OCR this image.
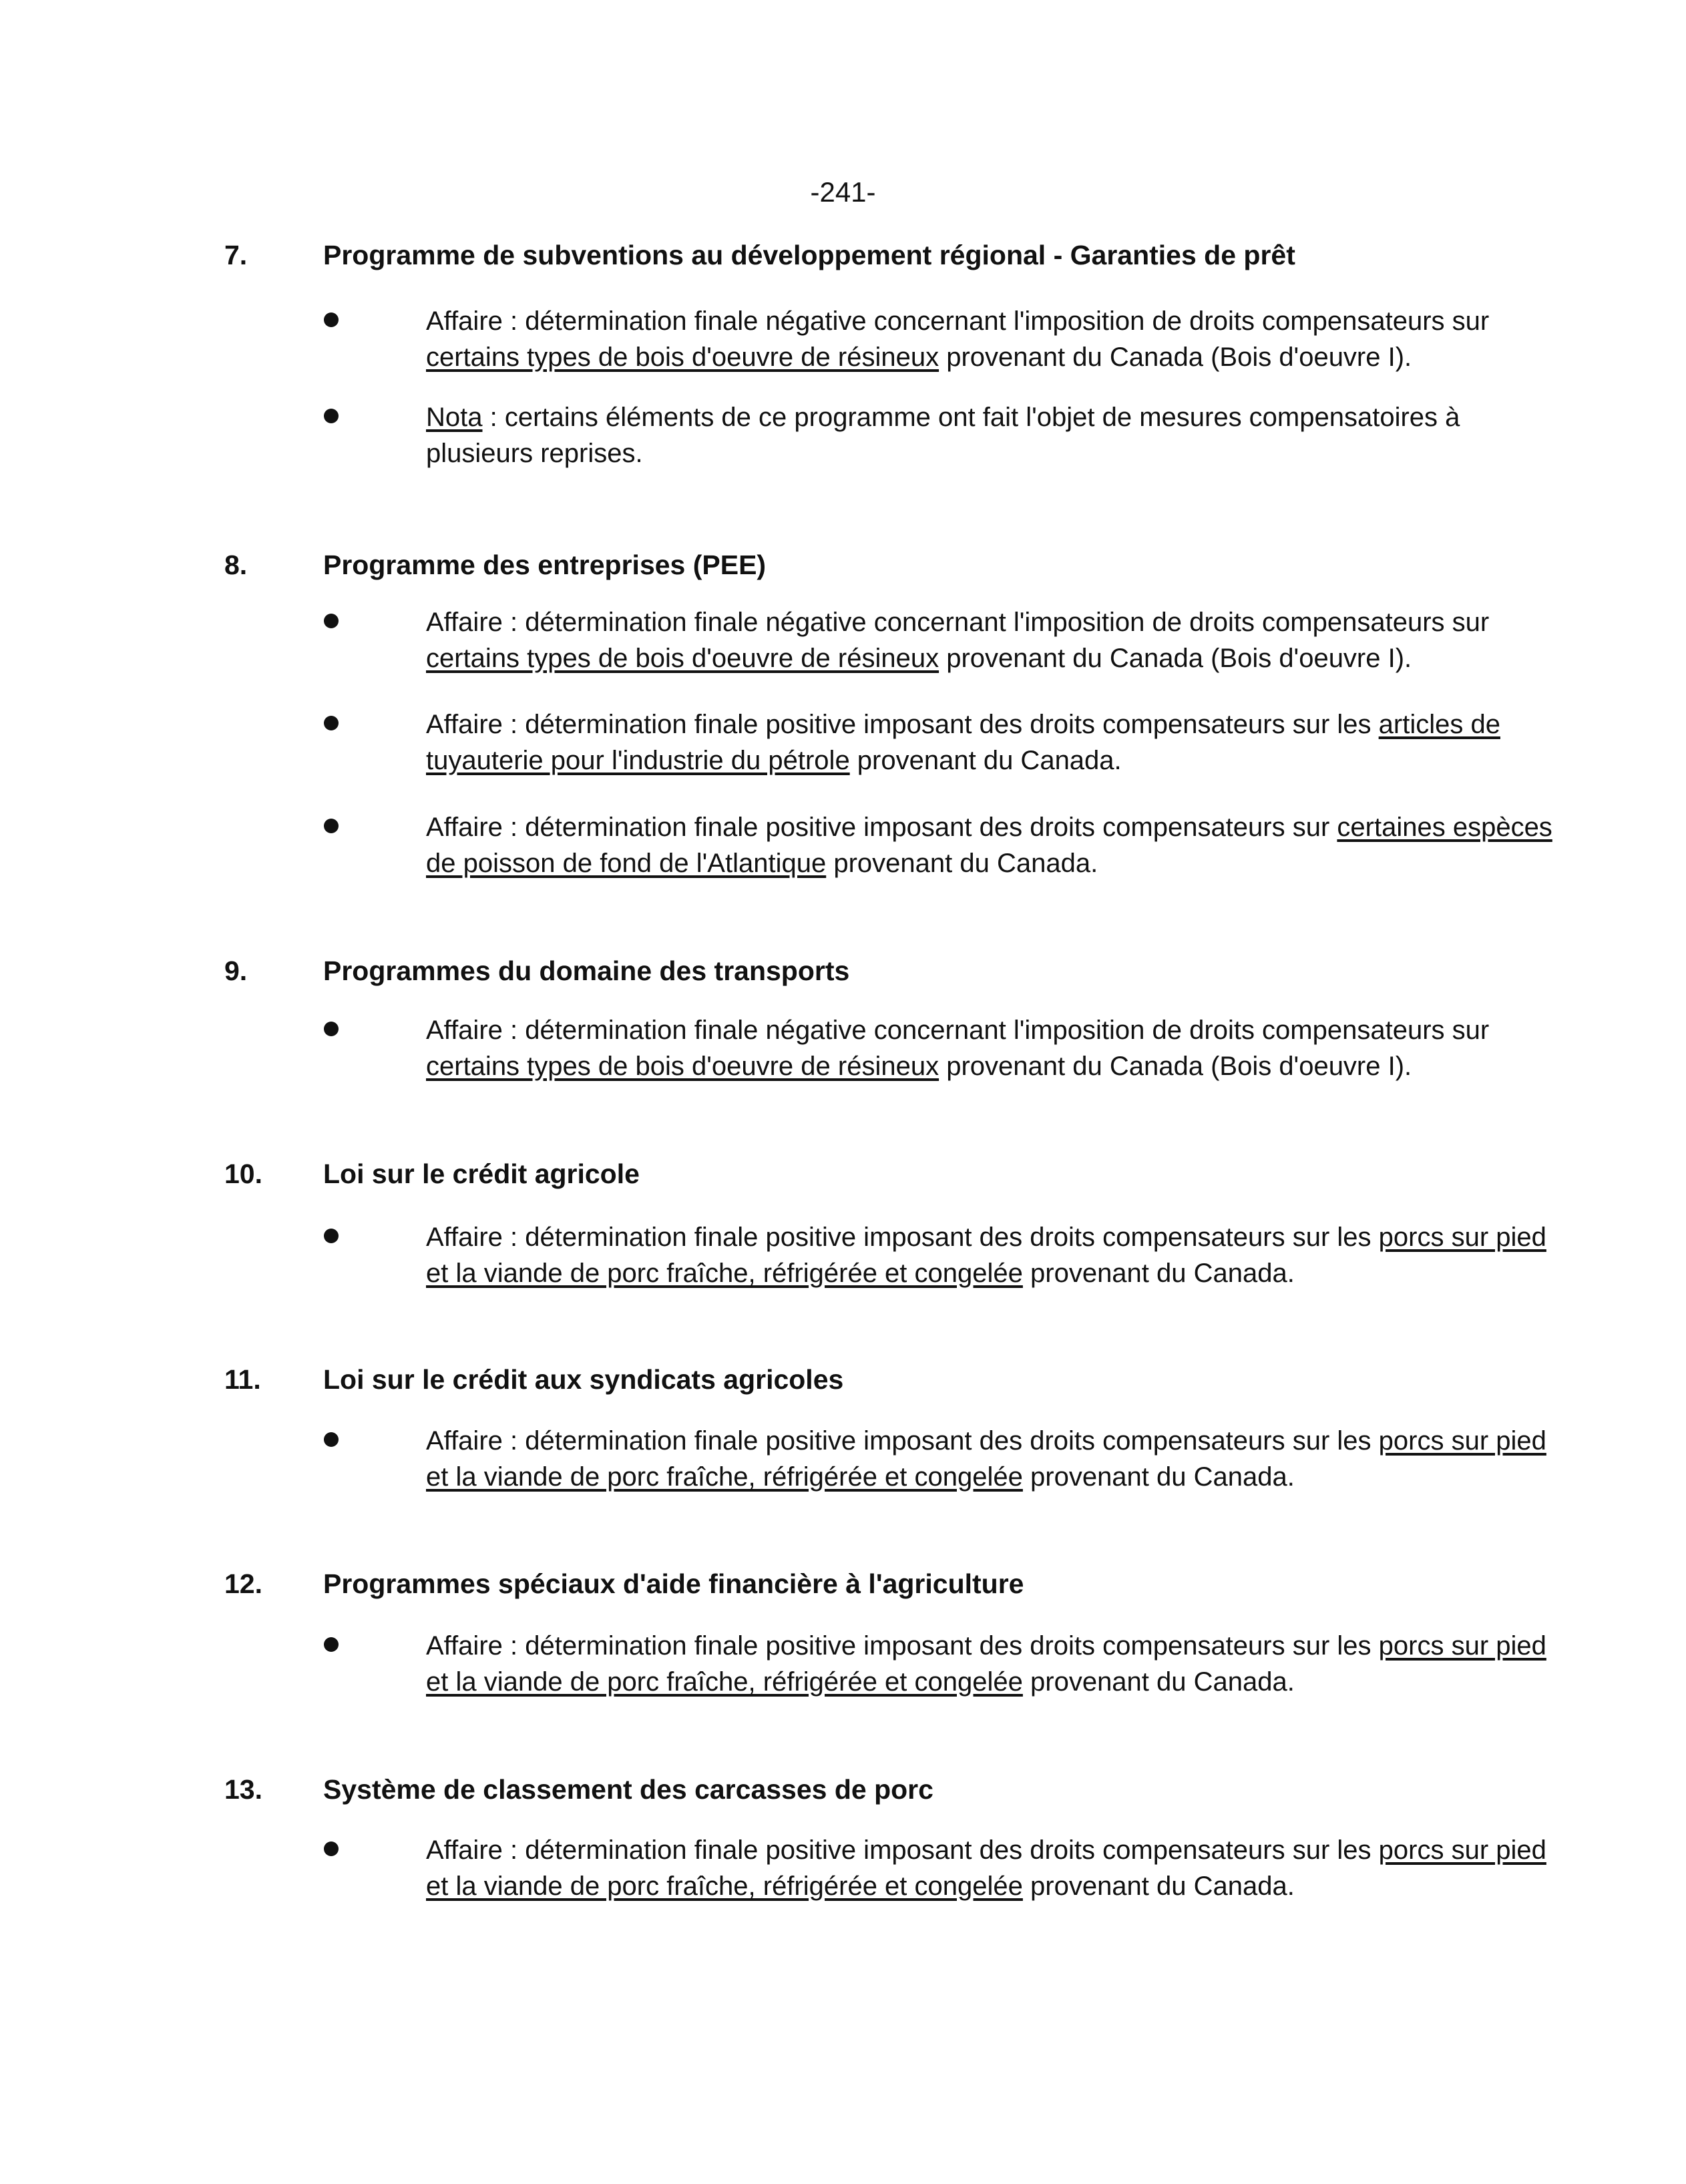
-241-
7.	Programme de subventions au développement régional - Garanties de prêt
Affaire : détermination finale négative concernant l'imposition de droits compensateurs sur certains types de bois d'oeuvre de résineux provenant du Canada (Bois d'oeuvre I).
Nota : certains éléments de ce programme ont fait l'objet de mesures compensatoires à plusieurs reprises.
8.	Programme des entreprises (PEE)
Affaire : détermination finale négative concernant l'imposition de droits compensateurs sur certains types de bois d'oeuvre de résineux provenant du Canada (Bois d'oeuvre I).
Affaire : détermination finale positive imposant des droits compensateurs sur les articles de tuyauterie pour l'industrie du pétrole provenant du Canada.
Affaire : détermination finale positive imposant des droits compensateurs sur certaines espèces de poisson de fond de l'Atlantique provenant du Canada.
9.	Programmes du domaine des transports
Affaire : détermination finale négative concernant l'imposition de droits compensateurs sur certains types de bois d'oeuvre de résineux provenant du Canada (Bois d'oeuvre I).
10. Loi sur le crédit agricole
Affaire : détermination finale positive imposant des droits compensateurs sur les porcs sur pied et la viande de porc fraîche, réfrigérée et congelée provenant du Canada.
11. Loi sur le crédit aux syndicats agricoles
Affaire : détermination finale positive imposant des droits compensateurs sur les porcs sur pied et la viande de porc fraîche, réfrigérée et congelée provenant du Canada.
12. Programmes spéciaux d'aide financière à l'agriculture
Affaire : détermination finale positive imposant des droits compensateurs sur les porcs sur pied et la viande de porc fraîche, réfrigérée et congelée provenant du Canada.
13. Système de classement des carcasses de porc
Affaire : détermination finale positive imposant des droits compensateurs sur les porcs sur pied et la viande de porc fraîche, réfrigérée et congelée provenant du Canada.
